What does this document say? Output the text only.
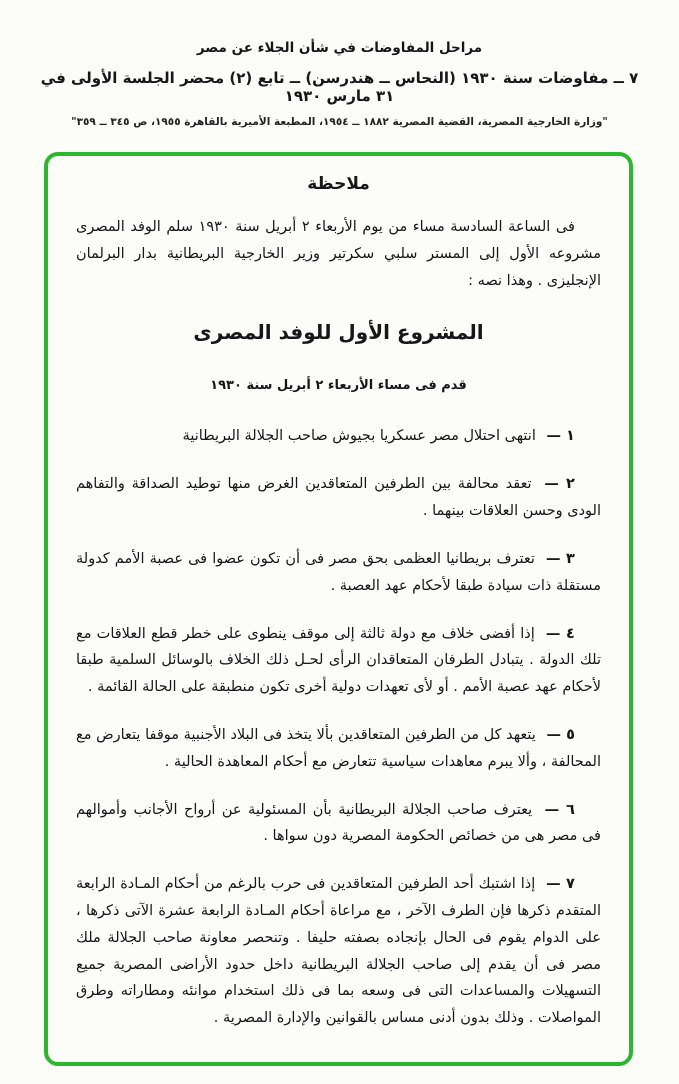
مراحل المفاوضات في شأن الجلاء عن مصر
٧ ــ مفاوضات سنة ١٩٣٠ (النحاس ــ هندرسن) ــ تابع (٢) محضر الجلسة الأولى في ٣١ مارس ١٩٣٠
"وزارة الخارجية المصرية، القضية المصرية ١٨٨٢ ــ ١٩٥٤، المطبعة الأميرية بالقاهرة ١٩٥٥، ص ٣٤٥ ــ ٣٥٩"
ملاحظة

فى الساعة السادسة مساء من يوم الأربعاء ٢ أبريل سنة ١٩٣٠ سلم الوفد المصرى مشروعه الأول إلى المستر سلبي سكرتير وزير الخارجية البريطانية بدار البرلمان الإنجليزى . وهذا نصه :

المشروع الأول للوفد المصرى
قدم فى مساء الأربعاء ٢ أبريل سنة ١٩٣٠

١ — انتهى احتلال مصر عسكريا بجيوش صاحب الجلالة البريطانية

٢ — تعقد محالفة بين الطرفين المتعاقدين الغرض منها توطيد الصداقة والتفاهم الودى وحسن العلاقات بينهما .

٣ — تعترف بريطانيا العظمى بحق مصر فى أن تكون عضوا فى عصبة الأمم كدولة مستقلة ذات سيادة طبقا لأحكام عهد العصبة .

٤ — إذا أفضى خلاف مع دولة ثالثة إلى موقف ينطوى على خطر قطع العلاقات مع تلك الدولة . يتبادل الطرفان المتعاقدان الرأى لحـل ذلك الخلاف بالوسائل السلمية طبقا لأحكام عهد عصبة الأمم . أو لأى تعهدات دولية أخرى تكون منطبقة على الحالة القائمة .

٥ — يتعهد كل من الطرفين المتعاقدين بألا يتخذ فى البلاد الأجنبية موقفا يتعارض مع المحالفة ، وألا يبرم معاهدات سياسية تتعارض مع أحكام المعاهدة الحالية .

٦ — يعترف صاحب الجلالة البريطانية بأن المسئولية عن أرواح الأجانب وأموالهم فى مصر هى من خصائص الحكومة المصرية دون سواها .

٧ — إذا اشتبك أحد الطرفين المتعاقدين فى حرب بالرغم من أحكام المـادة الرابعة المتقدم ذكرها فإن الطرف الآخر ، مع مراعاة أحكام المـادة الرابعة عشرة الآتى ذكرها ، على الدوام يقوم فى الحال بإنجاده بصفته حليفا . وتنحصر معاونة صاحب الجلالة ملك مصر فى أن يقدم إلى صاحب الجلالة البريطانية داخل حدود الأراضى المصرية جميع التسهيلات والمساعدات التى فى وسعه بما فى ذلك استخدام موانئه ومطاراته وطرق المواصلات . وذلك بدون أدنى مساس بالقوانين والإدارة المصرية .
